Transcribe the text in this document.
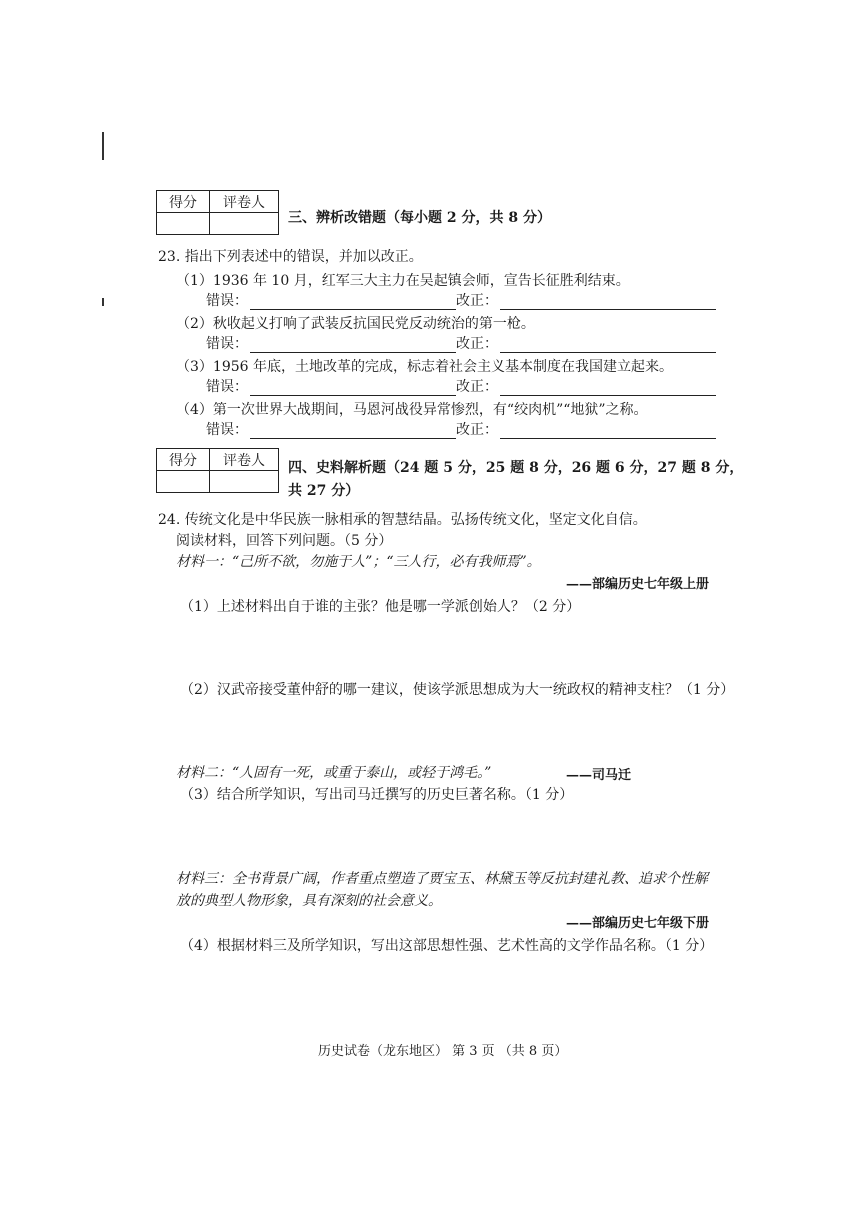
得分	评卷人

三、辨析改错题（每小题 2 分，共 8 分）
23. 指出下列表述中的错误，并加以改正。
（1）1936 年 10 月，红军三大主力在吴起镇会师，宣告长征胜利结束。
错误：	改正：
（2）秋收起义打响了武装反抗国民党反动统治的第一枪。
错误：	改正：
（3）1956 年底，土地改革的完成，标志着社会主义基本制度在我国建立起来。
错误：	改正：
（4）第一次世界大战期间，马恩河战役异常惨烈，有“绞肉机”“地狱”之称。
错误：	改正：
得分	评卷人
	四、史料解析题（24 题 5 分，25 题 8 分，26 题 6 分，27 题 8 分，
共 27 分）
24. 传统文化是中华民族一脉相承的智慧结晶。弘扬传统文化，坚定文化自信。
阅读材料，回答下列问题。（5 分）
材料一：“己所不欲，勿施于人”；“三人行，必有我师焉”。
——部编历史七年级上册
（1）上述材料出自于谁的主张？他是哪一学派创始人？（2 分）
（2）汉武帝接受董仲舒的哪一建议，使该学派思想成为大一统政权的精神支柱？（1 分）
材料二：“人固有一死，或重于泰山，或轻于鸿毛。”	——司马迁
（3）结合所学知识，写出司马迁撰写的历史巨著名称。（1 分）
材料三：全书背景广阔，作者重点塑造了贾宝玉、林黛玉等反抗封建礼教、追求个性解
放的典型人物形象，具有深刻的社会意义。
——部编历史七年级下册
（4）根据材料三及所学知识，写出这部思想性强、艺术性高的文学作品名称。（1 分）
历史试卷（龙东地区） 第 3 页 （共 8 页）
